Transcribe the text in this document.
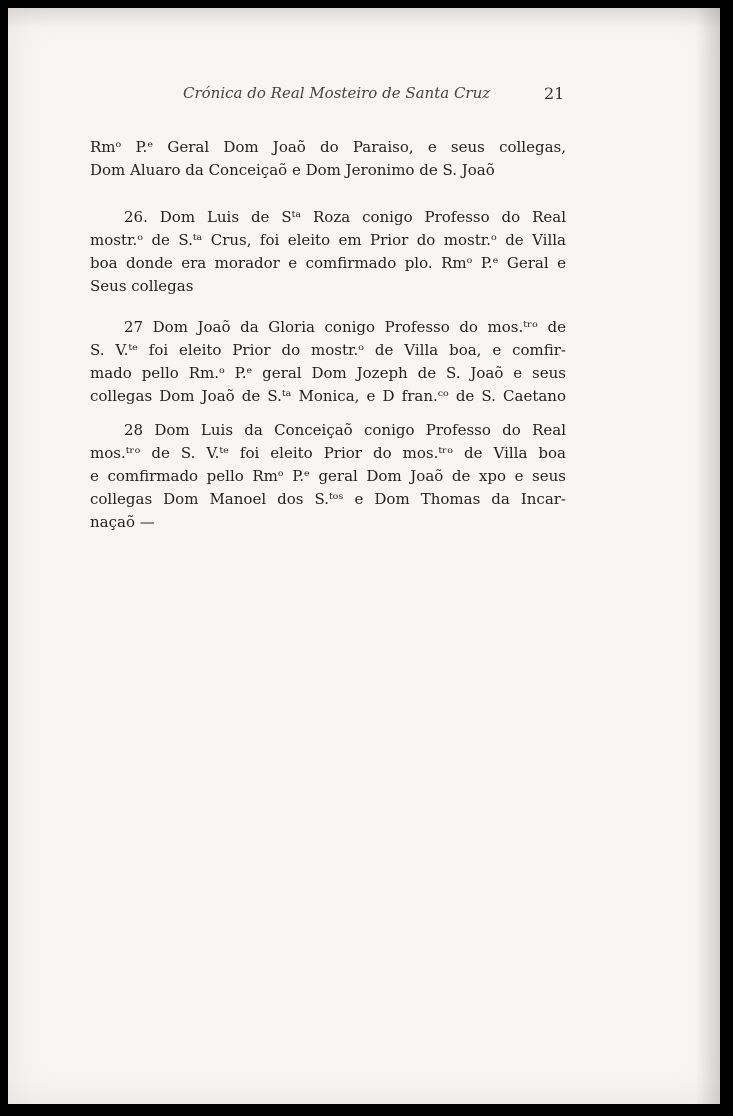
Crónica do Real Mosteiro de Santa Cruz	21
Rmᵒ P.ᵉ Geral Dom Joaõ do Paraiso, e seus collegas,
Dom Aluaro da Conceiçaõ e Dom Jeronimo de S. Joaõ
26. Dom Luis de Sᵗᵃ Roza conigo Professo do Real
mostr.ᵒ de S.ᵗᵃ Crus, foi eleito em Prior do mostr.ᵒ de Villa
boa donde era morador e comfirmado plo. Rmᵒ P.ᵉ Geral e
Seus collegas
27 Dom Joaõ da Gloria conigo Professo do mos.ᵗʳᵒ de
S. V.ᵗᵉ foi eleito Prior do mostr.ᵒ de Villa boa, e comfir-
mado pello Rm.ᵒ P.ᵉ geral Dom Jozeph de S. Joaõ e seus
collegas Dom Joaõ de S.ᵗᵃ Monica, e D fran.ᶜᵒ de S. Caetano
28 Dom Luis da Conceiçaõ conigo Professo do Real
mos.ᵗʳᵒ de S. V.ᵗᵉ foi eleito Prior do mos.ᵗʳᵒ de Villa boa
e comfirmado pello Rmᵒ P.ᵉ geral Dom Joaõ de xpo e seus
collegas Dom Manoel dos S.ᵗᵒˢ e Dom Thomas da Incar-
naçaõ —
